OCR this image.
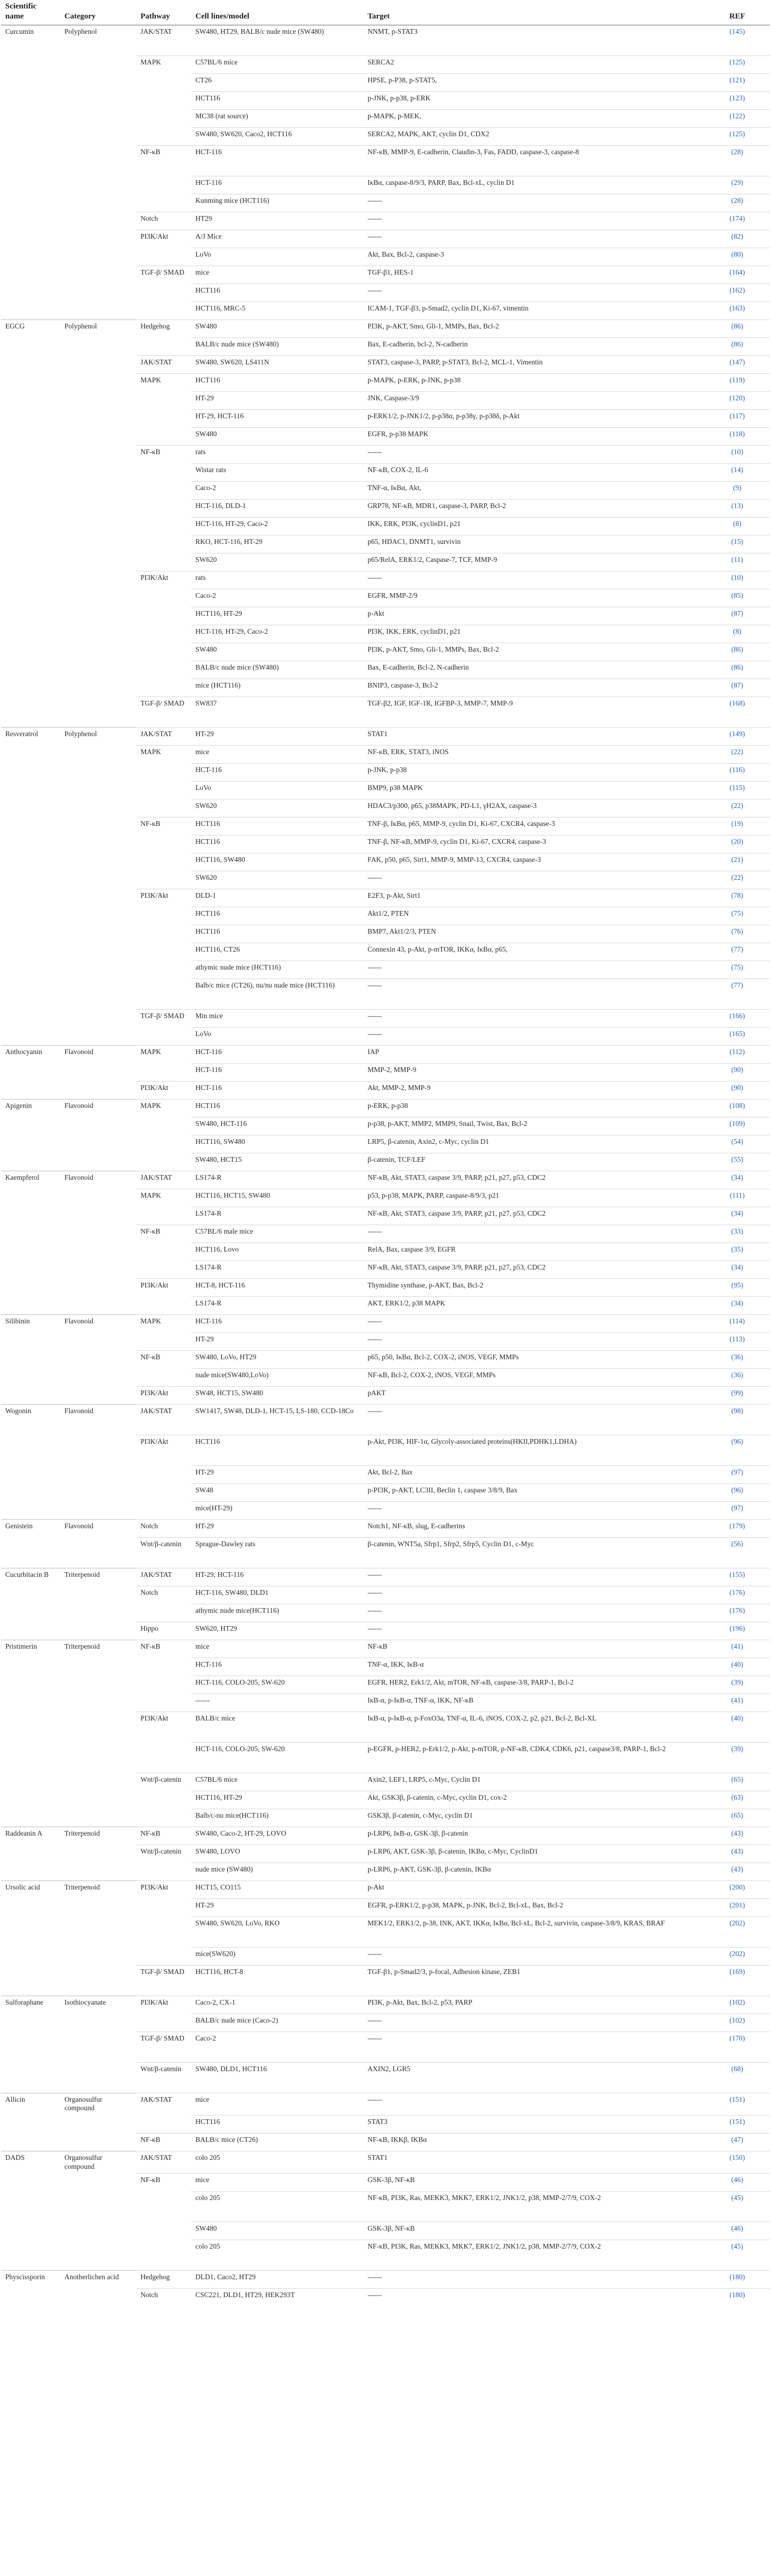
Scientific name	Category	Pathway	Cell lines/model	Target	REF
Curcumin	Polyphenol	JAK/STAT	SW480, HT29, BALB/c nude mice (SW480)	NNMT, p-STAT3	(145)
		MAPK	C57BL/6 mice	SERCA2	(125)
			CT26	HPSE, p-P38, p-STAT5,	(121)
			HCT116	p-JNK, p-p38, p-ERK	(123)
			MC38 (rat source)	p-MAPK, p-MEK,	(122)
			SW480, SW620, Caco2, HCT116	SERCA2, MAPK, AKT, cyclin D1, CDX2	(125)
		NF-κB	HCT-116	NF-κB, MMP-9, E-cadherin, Claudin-3, Fas, FADD, caspase-3, caspase-8	(28)
			HCT-116	IκBα, caspase-8/9/3, PARP, Bax, Bcl-xL, cyclin D1	(29)
			Kunming mice (HCT116)	------	(28)
		Notch	HT29	------	(174)
		PI3K/Akt	A/J Mice	------	(82)
			LoVo	Akt, Bax, Bcl-2, caspase-3	(80)
		TGF-β/ SMAD	mice	TGF-β1, HES-1	(164)
			HCT116	------	(162)
			HCT116, MRC-5	ICAM-1, TGF-β3, p-Smad2, cyclin D1, Ki-67, vimentin	(163)
EGCG	Polyphenol	Hedgehog	SW480	PI3K, p-AKT, Smo, Gli-1, MMPs, Bax, Bcl-2	(86)
			BALB/c nude mice (SW480)	Bax, E-cadherin, bcl-2, N-cadherin	(86)
		JAK/STAT	SW480, SW620, LS411N	STAT3, caspase-3, PARP, p-STAT3, Bcl-2, MCL-1, Vimentin	(147)
		MAPK	HCT116	p-MAPK, p-ERK, p-JNK, p-p38	(119)
			HT-29	JNK, Caspase-3/9	(120)
			HT-29, HCT-116	p-ERK1/2, p-JNK1/2, p-p38α, p-p38γ, p-p38δ, p-Akt	(117)
			SW480	EGFR, p-p38 MAPK	(118)
		NF-κB	rats	------	(10)
			Wistar rats	NF-κB, COX-2, IL-6	(14)
			Caco-2	TNF-α, IκBα, Akt,	(9)
			HCT-116, DLD-1	GRP78, NF-κB, MDR1, caspase-3, PARP, Bcl-2	(13)
			HCT-116, HT-29, Caco-2	IKK, ERK, PI3K, cyclinD1, p21	(8)
			RKO, HCT-116, HT-29	p65, HDAC1, DNMT1, survivin	(15)
			SW620	p65/RelA, ERK1/2, Caspase-7, TCF, MMP-9	(11)
		PI3K/Akt	rats	------	(10)
			Caco-2	EGFR, MMP-2/9	(85)
			HCT116, HT-29	p-Akt	(87)
			HCT-116, HT-29, Caco-2	PI3K, IKK, ERK, cyclinD1, p21	(8)
			SW480	PI3K, p-AKT, Smo, Gli-1, MMPs, Bax, Bcl-2	(86)
			BALB/c nude mice (SW480)	Bax, E-cadherin, Bcl-2, N-cadherin	(86)
			mice (HCT116)	BNIP3, caspase-3, Bcl-2	(87)
		TGF-β/ SMAD	SW837	TGF-β2, IGF, IGF-1R, IGFBP-3, MMP-7, MMP-9	(168)
Resveratrol	Polyphenol	JAK/STAT	HT-29	STAT1	(149)
		MAPK	mice	NF-κB, ERK, STAT3, iNOS	(22)
			HCT-116	p-JNK, p-p38	(116)
			LoVo	BMP9, p38 MAPK	(115)
			SW620	HDAC3/p300, p65, p38MAPK, PD-L1, γH2AX, caspase-3	(22)
		NF-κB	HCT116	TNF-β, IκBα, p65, MMP-9, cyclin D1, Ki-67, CXCR4, caspase-3	(19)
			HCT116	TNF-β, NF-κB, MMP-9, cyclin D1, Ki-67, CXCR4, caspase-3	(20)
			HCT116, SW480	FAK, p50, p65, Sirt1, MMP-9, MMP-13, CXCR4, caspase-3	(21)
			SW620	------	(22)
		PI3K/Akt	DLD-1	E2F3, p-Akt, Sirt1	(78)
			HCT116	Akt1/2, PTEN	(75)
			HCT116	BMP7, Akt1/2/3, PTEN	(76)
			HCT116, CT26	Connexin 43, p-Akt, p-mTOR, IKKα, IκBα, p65,	(77)
			athymic nude mice (HCT116)	------	(75)
			Balb/c mice (CT26), nu/nu nude mice (HCT116)	------	(77)
		TGF-β/ SMAD	Min mice	------	(166)
			LoVo	------	(165)
Anthocyanin	Flavonoid	MAPK	HCT-116	IAP	(112)
			HCT-116	MMP-2, MMP-9	(90)
		PI3K/Akt	HCT-116	Akt, MMP-2, MMP-9	(90)
Apigenin	Flavonoid	MAPK	HCT116	p-ERK, p-p38	(108)
			SW480, HCT-116	p-p38, p-AKT, MMP2, MMP9, Snail, Twist, Bax, Bcl-2	(109)
			HCT116, SW480	LRP5, β-catenin, Axin2, c-Myc, cyclin D1	(54)
			SW480, HCT15	β-catenin, TCF/LEF	(55)
Kaempferol	Flavonoid	JAK/STAT	LS174-R	NF-κB, Akt, STAT3, caspase 3/9, PARP, p21, p27, p53, CDC2	(34)
		MAPK	HCT116, HCT15, SW480	p53, p-p38, MAPK, PARP, caspase-8/9/3, p21	(111)
			LS174-R	NF-κB, Akt, STAT3, caspase 3/9, PARP, p21, p27, p53, CDC2	(34)
		NF-κB	C57BL/6 male mice	------	(33)
			HCT116, Lovo	RelA, Bax, caspase 3/9, EGFR	(35)
			LS174-R	NF-κB, Akt, STAT3, caspase 3/9, PARP, p21, p27, p53, CDC2	(34)
		PI3K/Akt	HCT-8, HCT-116	Thymidine synthase, p-AKT, Bax, Bcl-2	(95)
			LS174-R	AKT, ERK1/2, p38 MAPK	(34)
Silibinin	Flavonoid	MAPK	HCT-116	------	(114)
			HT-29	------	(113)
		NF-κB	SW480, LoVo, HT29	p65, p50, IκBα, Bcl-2, COX-2, iNOS, VEGF, MMPs	(36)
			nude mice(SW480,LoVo)	NF-κB, Bcl-2, COX-2, iNOS, VEGF, MMPs	(36)
		PI3K/Akt	SW48, HCT15, SW480	pAKT	(99)
Wogonin	Flavonoid	JAK/STAT	SW1417, SW48, DLD-1, HCT-15, LS-180, CCD-18Co	------	(98)
		PI3K/Akt	HCT116	p-Akt, PI3K, HIF-1α, Glycoly-associated proteins(HKII,PDHK1,LDHA)	(96)
			HT-29	Akt, Bcl-2, Bax	(97)
			SW48	p-PI3K, p-AKT, LC3II, Beclin 1, caspase 3/8/9, Bax	(96)
			mice(HT-29)	------	(97)
Genistein	Flavonoid	Notch	HT-29	Notch1, NF-κB, slug, E-cadherins	(179)
		Wnt/β-catenin	Sprague-Dawley rats	β-catenin, WNT5a, Sfrp1, Sfrp2, Sfrp5, Cyclin D1, c-Myc	(56)
Cucurbitacin B	Triterpenoid	JAK/STAT	HT-29, HCT-116	------	(155)
		Notch	HCT-116, SW480, DLD1	------	(176)
			athymic nude mice(HCT116)	------	(176)
		Hippo	SW620, HT29	------	(196)
Pristimerin	Triterpenoid	NF-κB	mice	NF-κB	(41)
			HCT-116	TNF-α, IKK, IκB-α	(40)
			HCT-116, COLO-205, SW-620	EGFR, HER2, Erk1/2, Akt, mTOR, NF-κB, caspase-3/8, PARP-1, Bcl-2	(39)
			------	IκB-α, p-IκB-α, TNF-α, IKK, NF-κB	(41)
		PI3K/Akt	BALB/c mice	IκB-α, p-IκB-α, p-FoxO3a, TNF-α, IL-6, iNOS, COX-2, p2, p21, Bcl-2, Bcl-XL	(40)
			HCT-116, COLO-205, SW-620	p-EGFR, p-HER2, p-Erk1/2, p-Akt, p-mTOR, p-NF-κB, CDK4, CDK6, p21, caspase3/8, PARP-1, Bcl-2	(39)
		Wnt/β-catenin	C57BL/6 mice	Axin2, LEF1, LRP5, c-Myc, Cyclin D1	(65)
			HCT116, HT-29	Akt, GSK3β, β-catenin, c-Myc, cyclin D1, cox-2	(63)
			Balb/c-nu mice(HCT116)	GSK3β, β-catenin, c-Myc, cyclin D1	(65)
Raddeanin A	Triterpenoid	NF-κB	SW480, Caco-2, HT-29, LOVO	p-LRP6, IκB-α, GSK-3β, β-catenin	(43)
		Wnt/β-catenin	SW480, LOVO	p-LRP6, AKT, GSK-3β, β-catenin, IKBα, c-Myc, CyclinD1	(43)
			nude mice (SW480)	p-LRP6, p-AKT, GSK-3β, β-catenin, IKBα	(43)
Ursolic acid	Triterpenoid	PI3K/Akt	HCT15, CO115	p-Akt	(200)
			HT-29	EGFR, p-ERK1/2, p-p38, MAPK, p-JNK, Bcl-2, Bcl-xL, Bax, Bcl-2	(201)
			SW480, SW620, LoVo, RKO	MEK1/2, ERK1/2, p-38, INK, AKT, IKKα, IκBα, Bcl-xL, Bcl-2, survivin, caspase-3/8/9, KRAS, BRAF	(202)
			mice(SW620)	------	(202)
		TGF-β/ SMAD	HCT116, HCT-8	TGF-β1, p-Smad2/3, p-focal, Adhesion kinase, ZEB1	(169)
Sulforaphane	Isothiocyanate	PI3K/Akt	Caco-2, CX-1	PI3K, p-Akt, Bax, Bcl-2, p53, PARP	(102)
			BALB/c nude mice (Caco-2)	------	(102)
		TGF-β/ SMAD	Caco-2	------	(170)
		Wnt/β-catenin	SW480, DLD1, HCT116	AXIN2, LGR5	(68)
Allicin	Organosulfur compound	JAK/STAT	mice	------	(151)
			HCT116	STAT3	(151)
		NF-κB	BALB/c mice (CT26)	NF-κB, IKKβ, IKBα	(47)
DADS	Organosulfur compound	JAK/STAT	colo 205	STAT1	(150)
		NF-κB	mice	GSK-3β, NF-κB	(46)
			colo 205	NF-κB, PI3K, Ras, MEKK3, MKK7, ERK1/2, JNK1/2, p38, MMP-2/7/9, COX-2	(45)
			SW480	GSK-3β, NF-κB	(46)
			colo 205	NF-κB, PI3K, Ras, MEKK3, MKK7, ERK1/2, JNK1/2, p38, MMP-2/7/9, COX-2	(45)
Physcissporin	Anotherlichen acid	Hedgehog	DLD1, Caco2, HT29	------	(180)
		Notch	CSC221, DLD1, HT29, HEK293T	------	(180)
